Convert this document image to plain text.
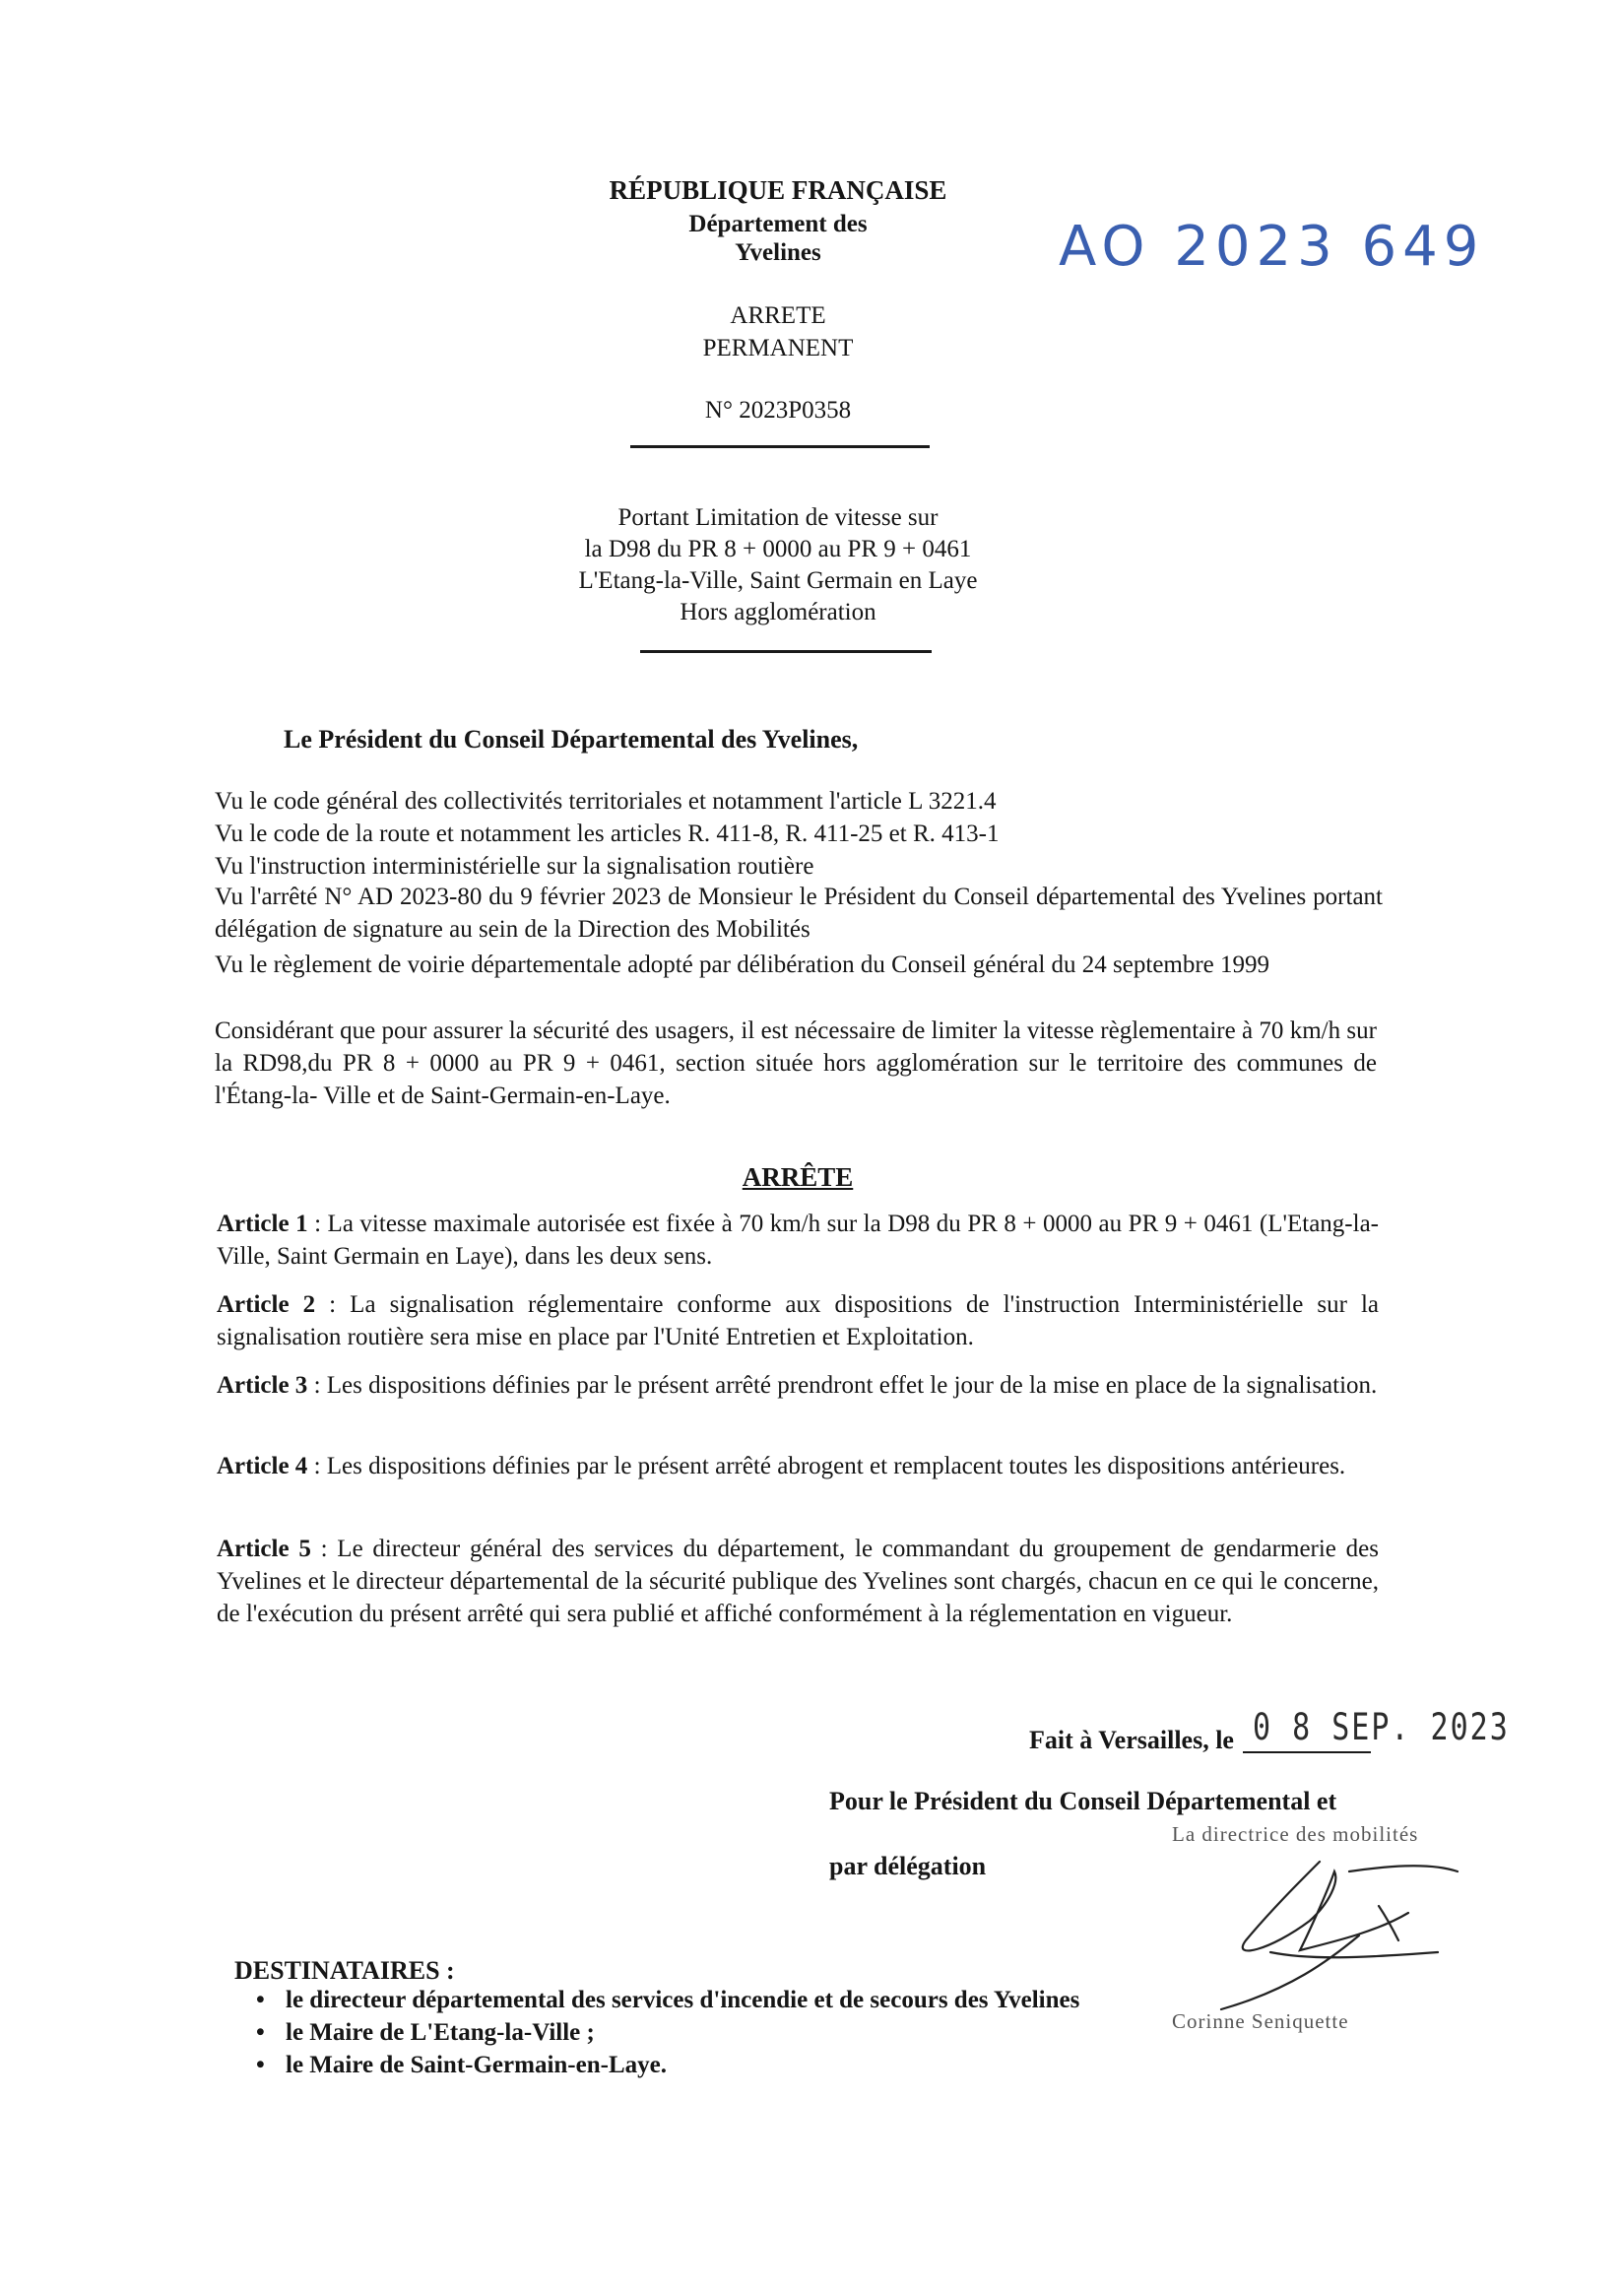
RÉPUBLIQUE FRANÇAISE
Département des
Yvelines
ARRETE
PERMANENT
N° 2023P0358
AO 2023 649
Portant Limitation de vitesse sur
la D98 du PR 8 + 0000 au PR 9 + 0461
L'Etang-la-Ville, Saint Germain en Laye
Hors agglomération
Le Président du Conseil Départemental des Yvelines,
Vu le code général des collectivités territoriales et notamment l'article L 3221.4
Vu le code de la route et notamment les articles R. 411-8, R. 411-25 et R. 413-1
Vu l'instruction interministérielle sur la signalisation routière
Vu l'arrêté N° AD 2023-80 du 9 février 2023 de Monsieur le Président du Conseil départemental des Yvelines portant délégation de signature au sein de la Direction des Mobilités
Vu le règlement de voirie départementale adopté par délibération du Conseil général du 24 septembre 1999
Considérant que pour assurer la sécurité des usagers, il est nécessaire de limiter la vitesse règlementaire à 70 km/h sur la RD98,du PR 8 + 0000 au PR 9 + 0461, section située hors agglomération sur le territoire des communes de l'Étang-la- Ville et de Saint-Germain-en-Laye.
ARRÊTE
Article 1 : La vitesse maximale autorisée est fixée à 70 km/h sur la D98 du PR 8 + 0000 au PR 9 + 0461 (L'Etang-la-Ville, Saint Germain en Laye), dans les deux sens.
Article 2 : La signalisation réglementaire conforme aux dispositions de l'instruction Interministérielle sur la signalisation routière sera mise en place par l'Unité Entretien et Exploitation.
Article 3 : Les dispositions définies par le présent arrêté prendront effet le jour de la mise en place de la signalisation.
Article 4 : Les dispositions définies par le présent arrêté abrogent et remplacent toutes les dispositions antérieures.
Article 5 : Le directeur général des services du département, le commandant du groupement de gendarmerie des Yvelines et le directeur départemental de la sécurité publique des Yvelines sont chargés, chacun en ce qui le concerne, de l'exécution du présent arrêté qui sera publié et affiché conformément à la réglementation en vigueur.
Fait à Versailles, le 0 8 SEP. 2023
Pour le Président du Conseil Départemental et
La directrice des mobilités
par délégation
Corinne Seniquette
DESTINATAIRES :
• le directeur départemental des services d'incendie et de secours des Yvelines
• le Maire de L'Etang-la-Ville ;
• le Maire de Saint-Germain-en-Laye.
